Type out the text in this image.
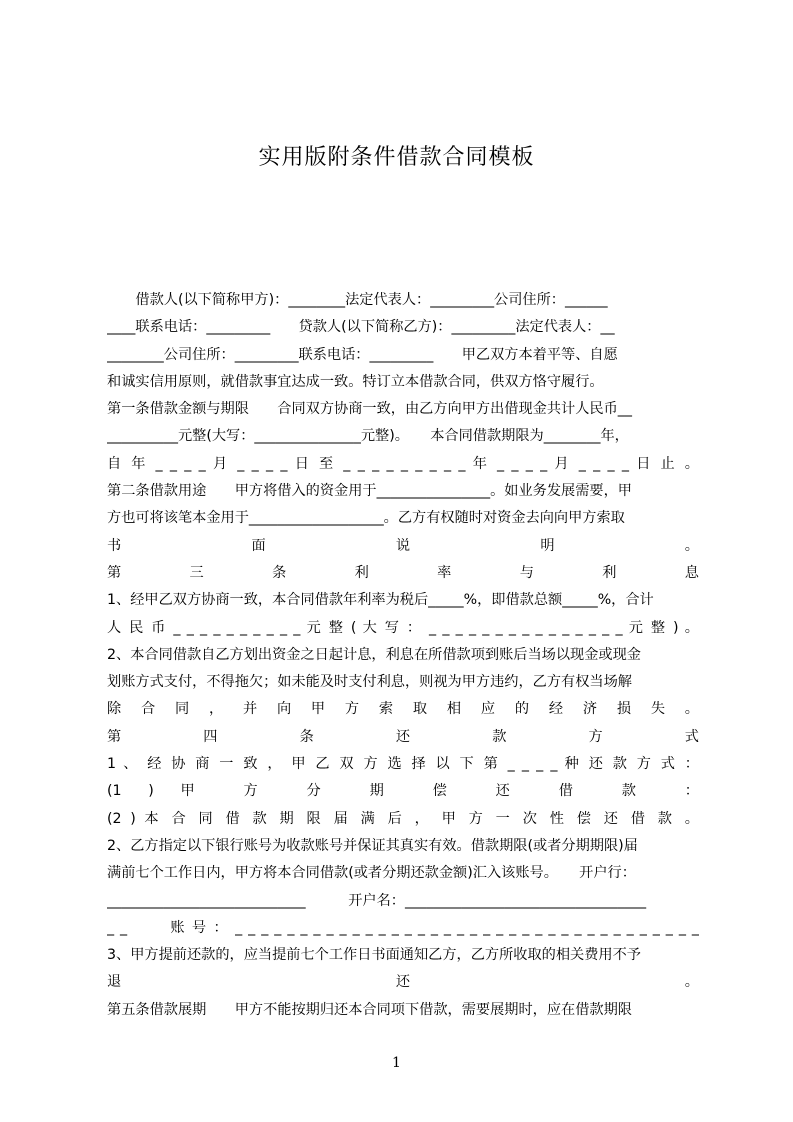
实用版附条件借款合同模板
　　借款人(以下简称甲方)：________法定代表人：_________公司住所：______
____联系电话：_________　　贷款人(以下简称乙方)：_________法定代表人：__
________公司住所：_________联系电话：_________　　甲乙双方本着平等、自愿
和诚实信用原则，就借款事宜达成一致。特订立本借款合同，供双方恪守履行。
第一条借款金额与期限　　合同双方协商一致，由乙方向甲方出借现金共计人民币__
__________元整(大写：_______________元整)。　　本合同借款期限为________年，
自 年 _ _ _ _ 月 _ _ _ _ 日 至 _ _ _ _ _ _ _ _ _ 年 _ _ _ _ 月 _ _ _ _ 日 止 。
第二条借款用途　　甲方将借入的资金用于________________。如业务发展需要，甲
方也可将该笔本金用于___________________。乙方有权随时对资金去向向甲方索取
书 面 说 明 。
第 三 条 利 率 与 利 息
1、经甲乙双方协商一致，本合同借款年利率为税后_____%，即借款总额_____%，合计
人 民 币 _ _ _ _ _ _ _ _ _ _ 元 整 ( 大 写 ： _ _ _ _ _ _ _ _ _ _ _ _ _ _ _ 元 整 ) 。
2、本合同借款自乙方划出资金之日起计息，利息在所借款项到账后当场以现金或现金
划账方式支付，不得拖欠；如未能及时支付利息，则视为甲方违约，乙方有权当场解
除 合 同 ， 并 向 甲 方 索 取 相 应 的 经 济 损 失 。
第 四 条 还 款 方 式
1 、 经 协 商 一 致 ， 甲 乙 双 方 选 择 以 下 第 _ _ _ _ 种 还 款 方 式 ：
(1 ) 甲 方 分 期 偿 还 借 款 ：
(2 ) 本 合 同 借 款 期 限 届 满 后 ， 甲 方 一 次 性 偿 还 借 款 。
2、乙方指定以下银行账号为收款账号并保证其真实有效。借款期限(或者分期期限)届
满前七个工作日内，甲方将本合同借款(或者分期还款金额)汇入该账号。　　开户行：
____________________________　　　开户名：__________________________________
_ _ 　　 账 号 ： _ _ _ _ _ _ _ _ _ _ _ _ _ _ _ _ _ _ _ _ _ _ _ _ _ _ _ _ _ _ _ _ _ _ _ _
3、甲方提前还款的，应当提前七个工作日书面通知乙方，乙方所收取的相关费用不予
退 还 。
第五条借款展期　　甲方不能按期归还本合同项下借款，需要展期时，应在借款期限
1
